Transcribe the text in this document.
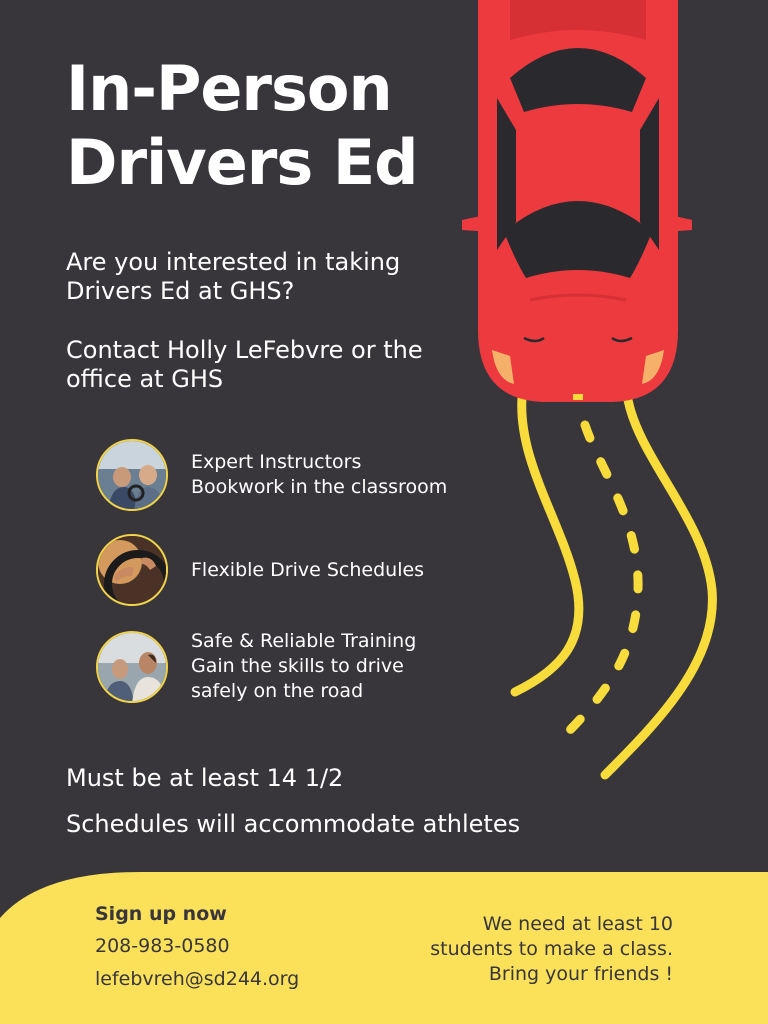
In-Person
Drivers Ed
Are you interested in taking Drivers Ed at GHS?
Contact Holly LeFebvre or the office at GHS
Expert Instructors
Bookwork in the classroom
Flexible Drive Schedules
Safe & Reliable Training
Gain the skills to drive
safely on the road
Must be at least 14 1/2
Schedules will accommodate athletes
Sign up now
208-983-0580
lefebvreh@sd244.org
We need at least 10
students to make a class.
Bring your friends !
